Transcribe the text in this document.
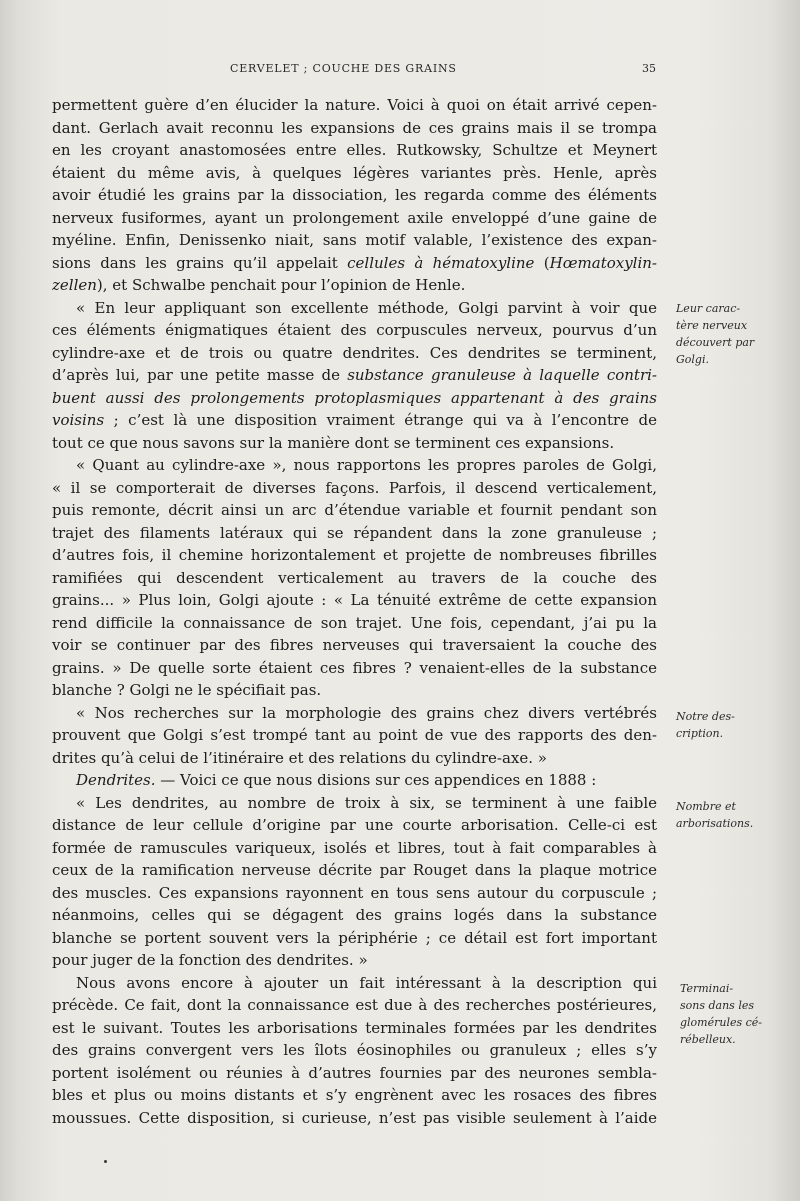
CERVELET ; COUCHE DES GRAINS	35
permettent guère d’en élucider la nature. Voici à quoi on était arrivé cepen-
dant. Gerlach avait reconnu les expansions de ces grains mais il se trompa
en les croyant anastomosées entre elles. Rutkowsky, Schultze et Meynert
étaient du même avis, à quelques légères variantes près. Henle, après
avoir étudié les grains par la dissociation, les regarda comme des éléments
nerveux fusiformes, ayant un prolongement axile enveloppé d’une gaine de
myéline. Enfin, Denissenko niait, sans motif valable, l’existence des expan-
sions dans les grains qu’il appelait cellules à hématoxyline (Hœmatoxylin-
zellen), et Schwalbe penchait pour l’opinion de Henle.
« En leur appliquant son excellente méthode, Golgi parvint à voir que
ces éléments énigmatiques étaient des corpuscules nerveux, pourvus d’un
cylindre-axe et de trois ou quatre dendrites. Ces dendrites se terminent,
d’après lui, par une petite masse de substance granuleuse à laquelle contri-
buent aussi des prolongements protoplasmiques appartenant à des grains
voisins ; c’est là une disposition vraiment étrange qui va à l’encontre de
tout ce que nous savons sur la manière dont se terminent ces expansions.
« Quant au cylindre-axe », nous rapportons les propres paroles de Golgi,
« il se comporterait de diverses façons. Parfois, il descend verticalement,
puis remonte, décrit ainsi un arc d’étendue variable et fournit pendant son
trajet des filaments latéraux qui se répandent dans la zone granuleuse ;
d’autres fois, il chemine horizontalement et projette de nombreuses fibrilles
ramifiées qui descendent verticalement au travers de la couche des
grains... » Plus loin, Golgi ajoute : « La ténuité extrême de cette expansion
rend difficile la connaissance de son trajet. Une fois, cependant, j’ai pu la
voir se continuer par des fibres nerveuses qui traversaient la couche des
grains. » De quelle sorte étaient ces fibres ? venaient-elles de la substance
blanche ? Golgi ne le spécifiait pas.
« Nos recherches sur la morphologie des grains chez divers vertébrés
prouvent que Golgi s’est trompé tant au point de vue des rapports des den-
drites qu’à celui de l’itinéraire et des relations du cylindre-axe. »
Dendrites. — Voici ce que nous disions sur ces appendices en 1888 :
« Les dendrites, au nombre de troix à six, se terminent à une faible
distance de leur cellule d’origine par une courte arborisation. Celle-ci est
formée de ramuscules variqueux, isolés et libres, tout à fait comparables à
ceux de la ramification nerveuse décrite par Rouget dans la plaque motrice
des muscles. Ces expansions rayonnent en tous sens autour du corpuscule ;
néanmoins, celles qui se dégagent des grains logés dans la substance
blanche se portent souvent vers la périphérie ; ce détail est fort important
pour juger de la fonction des dendrites. »
Nous avons encore à ajouter un fait intéressant à la description qui
précède. Ce fait, dont la connaissance est due à des recherches postérieures,
est le suivant. Toutes les arborisations terminales formées par les dendrites
des grains convergent vers les îlots éosinophiles ou granuleux ; elles s’y
portent isolément ou réunies à d’autres fournies par des neurones sembla-
bles et plus ou moins distants et s’y engrènent avec les rosaces des fibres
moussues. Cette disposition, si curieuse, n’est pas visible seulement à l’aide
Leur carac-
tère nerveux
découvert par
Golgi.
Notre des-
cription.
Nombre et
arborisations.
Terminai-
sons dans les
glomérules cé-
rébelleux.
